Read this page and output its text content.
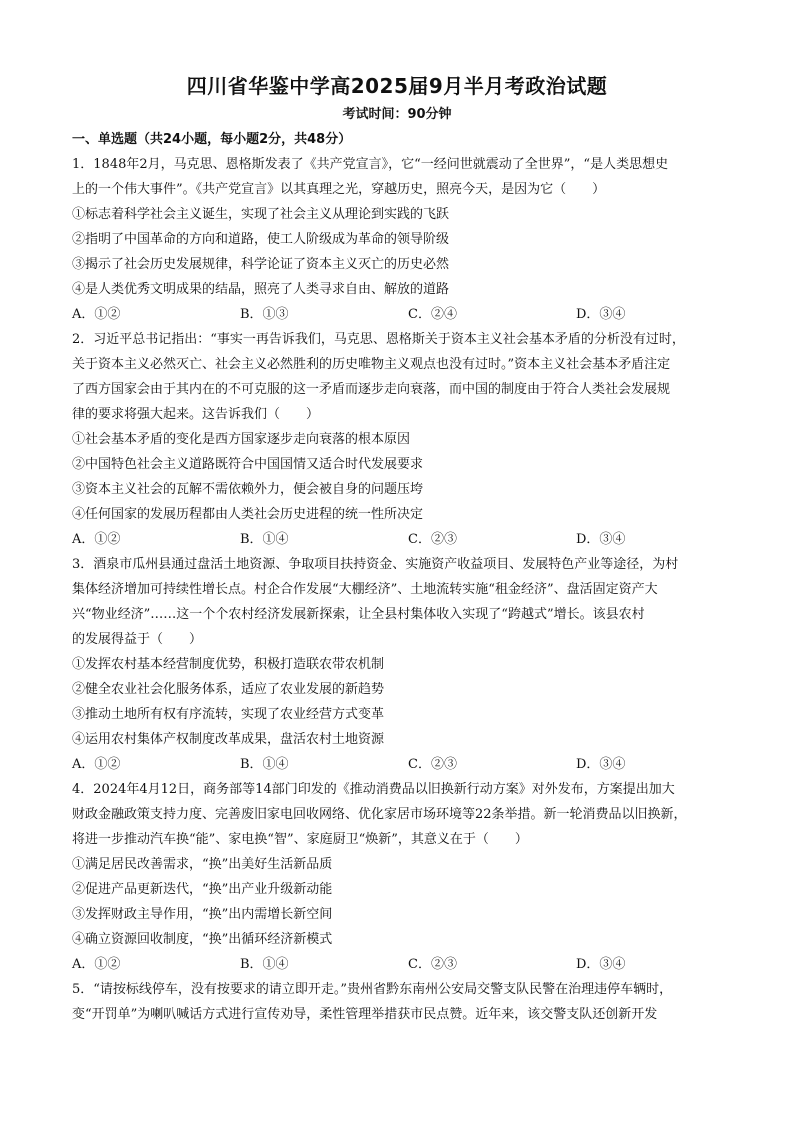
四川省华鉴中学高2025届9月半月考政治试题
考试时间：90分钟
一、单选题（共24小题，每小题2分，共48分）
1．1848年2月，马克思、恩格斯发表了《共产党宣言》，它“一经问世就震动了全世界”，“是人类思想史
上的一个伟大事件”。《共产党宣言》以其真理之光，穿越历史，照亮今天，是因为它（　　）
①标志着科学社会主义诞生，实现了社会主义从理论到实践的飞跃
②指明了中国革命的方向和道路，使工人阶级成为革命的领导阶级
③揭示了社会历史发展规律，科学论证了资本主义灭亡的历史必然
④是人类优秀文明成果的结晶，照亮了人类寻求自由、解放的道路
A．①②	B．①③	C．②④	D．③④
2．习近平总书记指出：“事实一再告诉我们，马克思、恩格斯关于资本主义社会基本矛盾的分析没有过时，
关于资本主义必然灭亡、社会主义必然胜利的历史唯物主义观点也没有过时。”资本主义社会基本矛盾注定
了西方国家会由于其内在的不可克服的这一矛盾而逐步走向衰落，而中国的制度由于符合人类社会发展规
律的要求将强大起来。这告诉我们（　　）
①社会基本矛盾的变化是西方国家逐步走向衰落的根本原因
②中国特色社会主义道路既符合中国国情又适合时代发展要求
③资本主义社会的瓦解不需依赖外力，便会被自身的问题压垮
④任何国家的发展历程都由人类社会历史进程的统一性所决定
A．①②	B．①④	C．②③	D．③④
3．酒泉市瓜州县通过盘活土地资源、争取项目扶持资金、实施资产收益项目、发展特色产业等途径，为村
集体经济增加可持续性增长点。村企合作发展“大棚经济”、土地流转实施“租金经济”、盘活固定资产大
兴“物业经济”……这一个个农村经济发展新探索，让全县村集体收入实现了“跨越式”增长。该县农村
的发展得益于（　　）
①发挥农村基本经营制度优势，积极打造联农带农机制
②健全农业社会化服务体系，适应了农业发展的新趋势
③推动土地所有权有序流转，实现了农业经营方式变革
④运用农村集体产权制度改革成果，盘活农村土地资源
A．①②	B．①④	C．②③	D．③④
4．2024年4月12日，商务部等14部门印发的《推动消费品以旧换新行动方案》对外发布，方案提出加大
财政金融政策支持力度、完善废旧家电回收网络、优化家居市场环境等22条举措。新一轮消费品以旧换新，
将进一步推动汽车换“能”、家电换“智”、家庭厨卫“焕新”，其意义在于（　　）
①满足居民改善需求，“换”出美好生活新品质
②促进产品更新迭代，“换”出产业升级新动能
③发挥财政主导作用，“换”出内需增长新空间
④确立资源回收制度，“换”出循环经济新模式
A．①②	B．①④	C．②③	D．③④
5．“请按标线停车，没有按要求的请立即开走。”贵州省黔东南州公安局交警支队民警在治理违停车辆时，
变“开罚单”为喇叭喊话方式进行宣传劝导，柔性管理举措获市民点赞。近年来，该交警支队还创新开发
